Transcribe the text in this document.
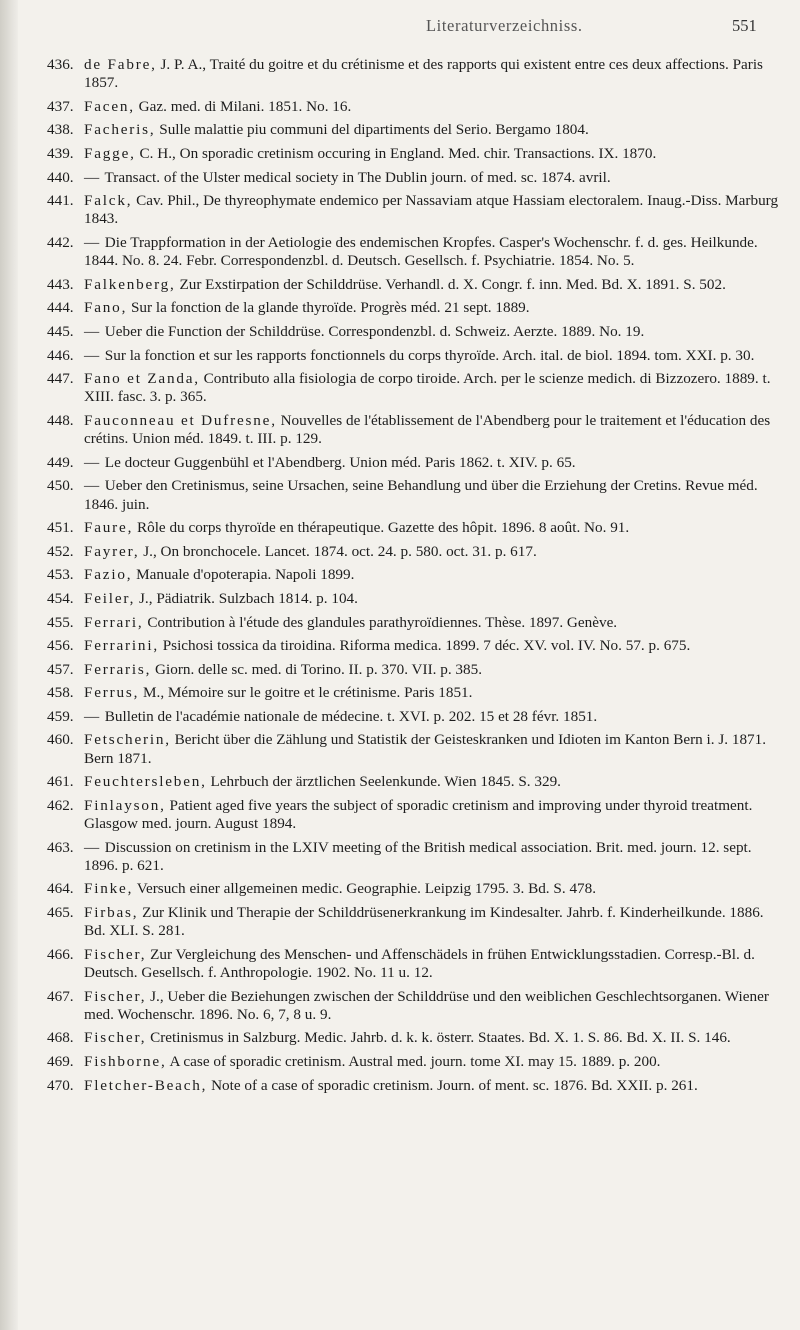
Literaturverzeichniss.	551
436. de Fabre, J. P. A., Traité du goitre et du crétinisme et des rapports qui existent entre ces deux affections. Paris 1857.
437. Facen, Gaz. med. di Milani. 1851. No. 16.
438. Facheris, Sulle malattie piu communi del dipartiments del Serio. Bergamo 1804.
439. Fagge, C. H., On sporadic cretinism occuring in England. Med. chir. Transactions. IX. 1870.
440. — Transact. of the Ulster medical society in The Dublin journ. of med. sc. 1874. avril.
441. Falck, Cav. Phil., De thyreophymate endemico per Nassaviam atque Hassiam electoralem. Inaug.-Diss. Marburg 1843.
442. — Die Trappformation in der Aetiologie des endemischen Kropfes. Casper's Wochenschr. f. d. ges. Heilkunde. 1844. No. 8. 24. Febr. Correspondenzbl. d. Deutsch. Gesellsch. f. Psychiatrie. 1854. No. 5.
443. Falkenberg, Zur Exstirpation der Schilddrüse. Verhandl. d. X. Congr. f. inn. Med. Bd. X. 1891. S. 502.
444. Fano, Sur la fonction de la glande thyroïde. Progrès méd. 21 sept. 1889.
445. — Ueber die Function der Schilddrüse. Correspondenzbl. d. Schweiz. Aerzte. 1889. No. 19.
446. — Sur la fonction et sur les rapports fonctionnels du corps thyroïde. Arch. ital. de biol. 1894. tom. XXI. p. 30.
447. Fano et Zanda, Contributo alla fisiologia de corpo tiroide. Arch. per le scienze medich. di Bizzozero. 1889. t. XIII. fasc. 3. p. 365.
448. Fauconneau et Dufresne, Nouvelles de l'établissement de l'Abendberg pour le traitement et l'éducation des crétins. Union méd. 1849. t. III. p. 129.
449. — Le docteur Guggenbühl et l'Abendberg. Union méd. Paris 1862. t. XIV. p. 65.
450. — Ueber den Cretinismus, seine Ursachen, seine Behandlung und über die Erziehung der Cretins. Revue méd. 1846. juin.
451. Faure, Rôle du corps thyroïde en thérapeutique. Gazette des hôpit. 1896. 8 août. No. 91.
452. Fayrer, J., On bronchocele. Lancet. 1874. oct. 24. p. 580. oct. 31. p. 617.
453. Fazio, Manuale d'opoterapia. Napoli 1899.
454. Feiler, J., Pädiatrik. Sulzbach 1814. p. 104.
455. Ferrari, Contribution à l'étude des glandules parathyroïdiennes. Thèse. 1897. Genève.
456. Ferrarini, Psichosi tossica da tiroidina. Riforma medica. 1899. 7 déc. XV. vol. IV. No. 57. p. 675.
457. Ferraris, Giorn. delle sc. med. di Torino. II. p. 370. VII. p. 385.
458. Ferrus, M., Mémoire sur le goitre et le crétinisme. Paris 1851.
459. — Bulletin de l'académie nationale de médecine. t. XVI. p. 202. 15 et 28 févr. 1851.
460. Fetscherin, Bericht über die Zählung und Statistik der Geisteskranken und Idioten im Kanton Bern i. J. 1871. Bern 1871.
461. Feuchtersleben, Lehrbuch der ärztlichen Seelenkunde. Wien 1845. S. 329.
462. Finlayson, Patient aged five years the subject of sporadic cretinism and improving under thyroid treatment. Glasgow med. journ. August 1894.
463. — Discussion on cretinism in the LXIV meeting of the British medical association. Brit. med. journ. 12. sept. 1896. p. 621.
464. Finke, Versuch einer allgemeinen medic. Geographie. Leipzig 1795. 3. Bd. S. 478.
465. Firbas, Zur Klinik und Therapie der Schilddrüsenerkrankung im Kindesalter. Jahrb. f. Kinderheilkunde. 1886. Bd. XLI. S. 281.
466. Fischer, Zur Vergleichung des Menschen- und Affenschädels in frühen Entwicklungsstadien. Corresp.-Bl. d. Deutsch. Gesellsch. f. Anthropologie. 1902. No. 11 u. 12.
467. Fischer, J., Ueber die Beziehungen zwischen der Schilddrüse und den weiblichen Geschlechtsorganen. Wiener med. Wochenschr. 1896. No. 6, 7, 8 u. 9.
468. Fischer, Cretinismus in Salzburg. Medic. Jahrb. d. k. k. österr. Staates. Bd. X. 1. S. 86. Bd. X. II. S. 146.
469. Fishborne, A case of sporadic cretinism. Austral med. journ. tome XI. may 15. 1889. p. 200.
470. Fletcher-Beach, Note of a case of sporadic cretinism. Journ. of ment. sc. 1876. Bd. XXII. p. 261.
